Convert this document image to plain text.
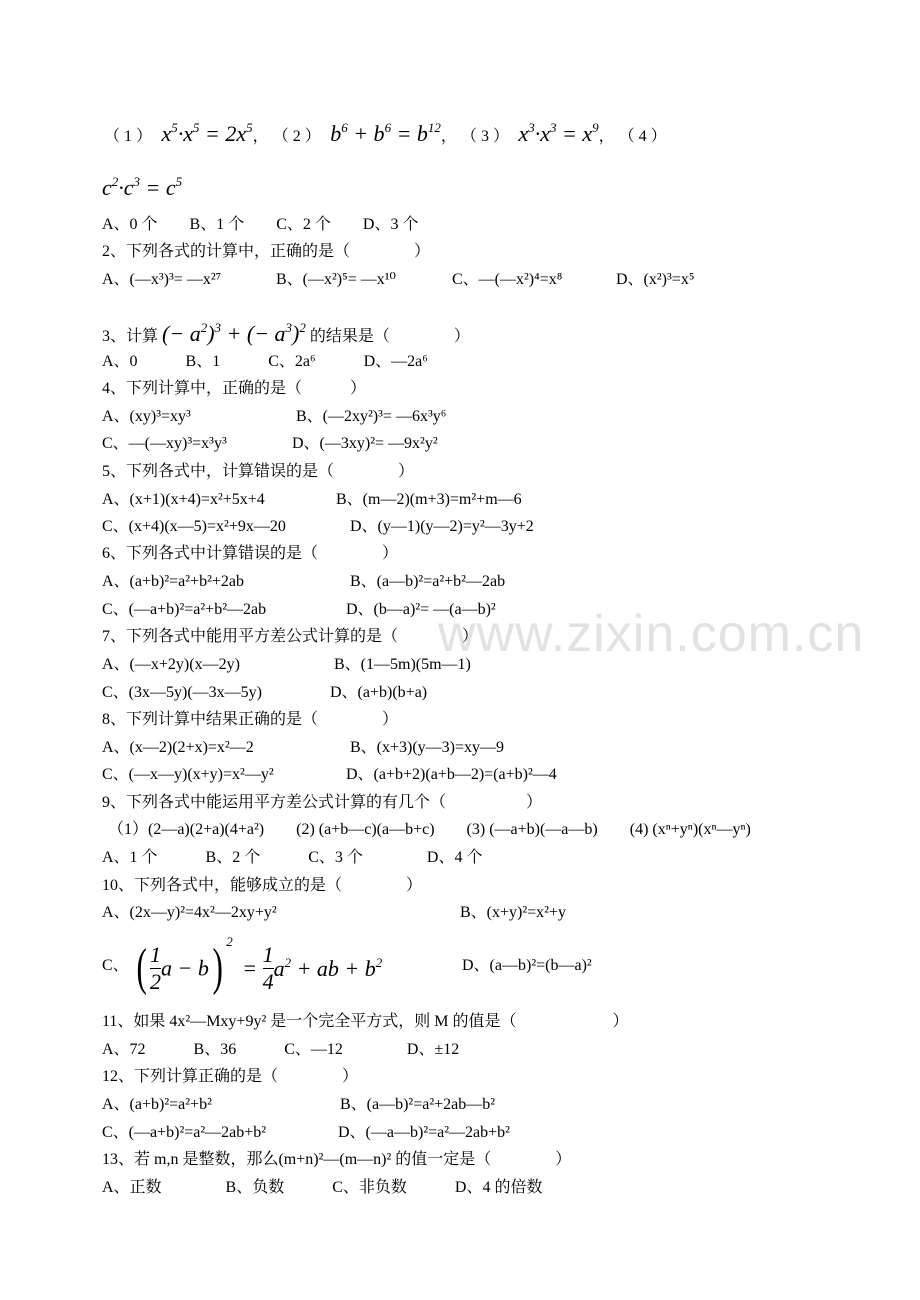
www.zixin.com.cn
（ 1 ）  $x^5\cdot x^5 = 2x^5$， （ 2 ）  $b^6 + b^6 = b^{12}$， （ 3 ）  $x^3\cdot x^3 = x^9$， （ 4 ）
$c^2\cdot c^3 = c^5$
A、0 个　　B、1 个　　C、2 个　　D、3 个
2、下列各式的计算中，正确的是（　　　　）
A、(—x³)³= —x²⁷	B、(—x²)⁵= —x¹⁰	C、—(—x²)⁴=x⁸	D、(x²)³=x⁵
3、计算 (− $a^2)^3$ + (− $a^3)^2$ 的结果是（　　　　）
A、0　　　B、1　　　C、2a⁶　　　D、—2a⁶
4、下列计算中，正确的是（　　　）
A、(xy)³=xy³	B、(—2xy²)³= —6x³y⁶
C、—(—xy)³=x³y³	D、(—3xy)²= —9x²y²
5、下列各式中，计算错误的是（　　　　）
A、(x+1)(x+4)=x²+5x+4	B、(m—2)(m+3)=m²+m—6
C、(x+4)(x—5)=x²+9x—20	D、(y—1)(y—2)=y²—3y+2
6、下列各式中计算错误的是（　　　　）
A、(a+b)²=a²+b²+2ab	B、(a—b)²=a²+b²—2ab
C、(—a+b)²=a²+b²—2ab	D、(b—a)²= —(a—b)²
7、下列各式中能用平方差公式计算的是（　　　　）
A、(—x+2y)(x—2y)	B、(1—5m)(5m—1)
C、(3x—5y)(—3x—5y)	D、(a+b)(b+a)
8、下列计算中结果正确的是（　　　　）
A、(x—2)(2+x)=x²—2	B、(x+3)(y—3)=xy—9
C、(—x—y)(x+y)=x²—y²	D、(a+b+2)(a+b—2)=(a+b)²—4
9、下列各式中能运用平方差公式计算的有几个（　　　　　）
（1）(2—a)(2+a)(4+a²)　　(2) (a+b—c)(a—b+c)　　(3) (—a+b)(—a—b)　　(4) (xⁿ+yⁿ)(xⁿ—yⁿ)
A、1 个　　　B、2 个　　　C、3 个　　　　D、4 个
10、下列各式中，能够成立的是（　　　　）
A、(2x—y)²=4x²—2xy+y²	B、(x+y)²=x²+y
C、 ( $\frac{1}{2}$ a − b) $^2 = \frac{1}{4} a^2$ + ab + $b^2$	D、(a—b)²=(b—a)²
11、如果 4x²—Mxy+9y² 是一个完全平方式，则 M 的值是（　　　　　　）
A、72　　　B、36　　　C、—12　　　　D、±12
12、下列计算正确的是（　　　　）
A、(a+b)²=a²+b²	B、(a—b)²=a²+2ab—b²
C、(—a+b)²=a²—2ab+b²	D、(—a—b)²=a²—2ab+b²
13、若 m,n 是整数，那么(m+n)²—(m—n)² 的值一定是（　　　　）
A、正数　　　　B、负数　　　C、非负数　　　D、4 的倍数
